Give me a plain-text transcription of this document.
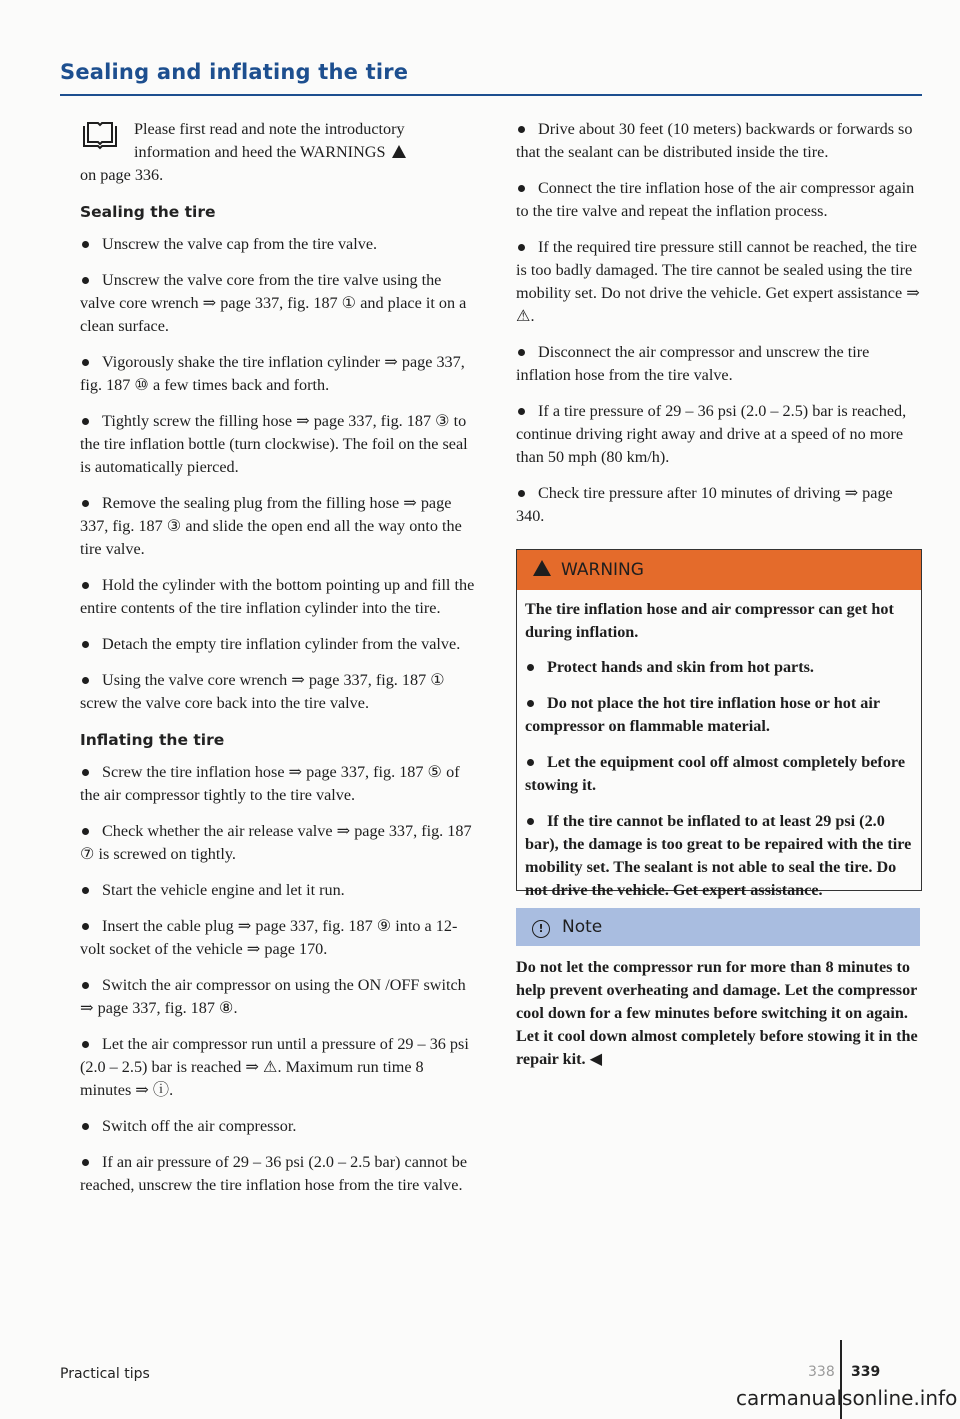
Sealing and inflating the tire
Please first read and note the introductory information and heed the WARNINGS
on page 336.
Sealing the tire
Unscrew the valve cap from the tire valve.
Unscrew the valve core from the tire valve using the valve core wrench ⇒ page 337, fig. 187 ① and place it on a clean surface.
Vigorously shake the tire inflation cylinder ⇒ page 337, fig. 187 ⑩ a few times back and forth.
Tightly screw the filling hose ⇒ page 337, fig. 187 ③ to the tire inflation bottle (turn clockwise). The foil on the seal is automatically pierced.
Remove the sealing plug from the filling hose ⇒ page 337, fig. 187 ③ and slide the open end all the way onto the tire valve.
Hold the cylinder with the bottom pointing up and fill the entire contents of the tire inflation cylinder into the tire.
Detach the empty tire inflation cylinder from the valve.
Using the valve core wrench ⇒ page 337, fig. 187 ① screw the valve core back into the tire valve.
Inflating the tire
Screw the tire inflation hose ⇒ page 337, fig. 187 ⑤ of the air compressor tightly to the tire valve.
Check whether the air release valve ⇒ page 337, fig. 187 ⑦ is screwed on tightly.
Start the vehicle engine and let it run.
Insert the cable plug ⇒ page 337, fig. 187 ⑨ into a 12-volt socket of the vehicle ⇒ page 170.
Switch the air compressor on using the ON /OFF switch ⇒ page 337, fig. 187 ⑧.
Let the air compressor run until a pressure of 29 – 36 psi (2.0 – 2.5) bar is reached ⇒ ⚠. Maximum run time 8 minutes ⇒ ⓘ.
Switch off the air compressor.
If an air pressure of 29 – 36 psi (2.0 – 2.5 bar) cannot be reached, unscrew the tire inflation hose from the tire valve.
Drive about 30 feet (10 meters) backwards or forwards so that the sealant can be distributed inside the tire.
Connect the tire inflation hose of the air compressor again to the tire valve and repeat the inflation process.
If the required tire pressure still cannot be reached, the tire is too badly damaged. The tire cannot be sealed using the tire mobility set. Do not drive the vehicle. Get expert assistance ⇒ ⚠.
Disconnect the air compressor and unscrew the tire inflation hose from the tire valve.
If a tire pressure of 29 – 36 psi (2.0 – 2.5) bar is reached, continue driving right away and drive at a speed of no more than 50 mph (80 km/h).
Check tire pressure after 10 minutes of driving ⇒ page 340.
WARNING

The tire inflation hose and air compressor can get hot during inflation.

Protect hands and skin from hot parts.
Do not place the hot tire inflation hose or hot air compressor on flammable material.
Let the equipment cool off almost completely before stowing it.
If the tire cannot be inflated to at least 29 psi (2.0 bar), the damage is too great to be repaired with the tire mobility set. The sealant is not able to seal the tire. Do not drive the vehicle. Get expert assistance.
! Note
Do not let the compressor run for more than 8 minutes to help prevent overheating and damage. Let the compressor cool down for a few minutes before switching it on again. Let it cool down almost completely before stowing it in the repair kit. ◀
Practical tips	338 339
carmanualsonline.info
